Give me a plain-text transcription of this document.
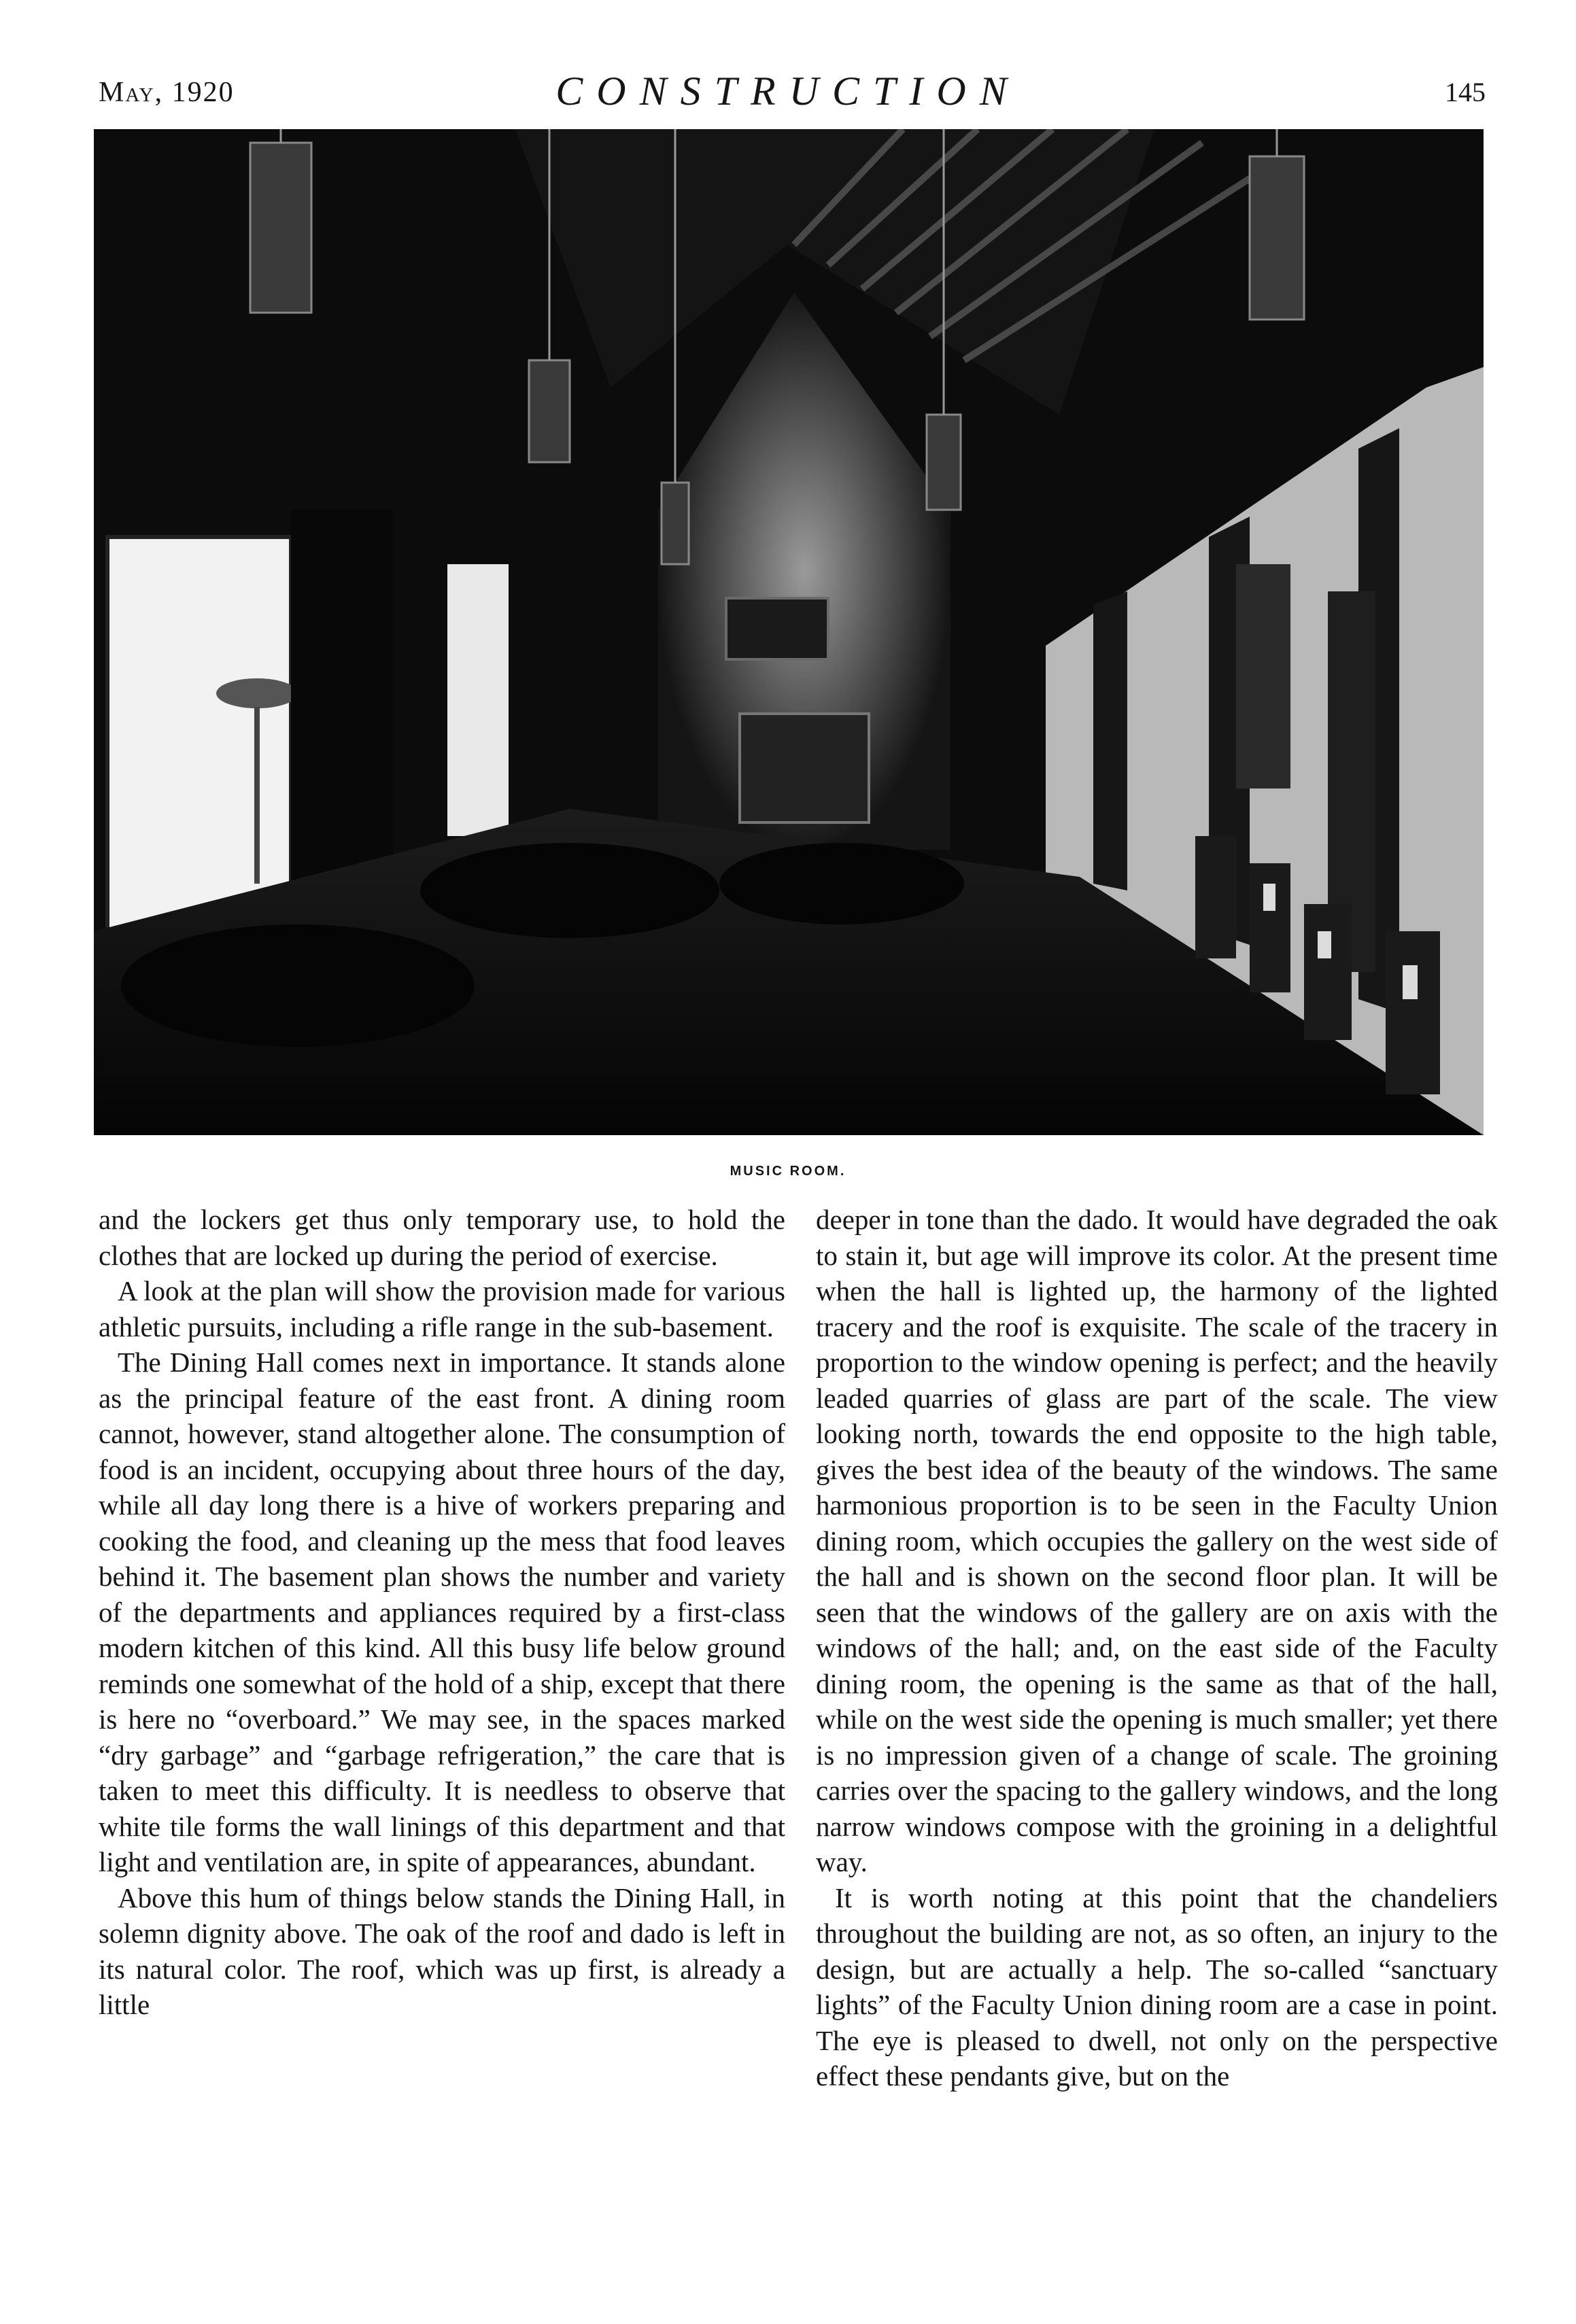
May, 1920	CONSTRUCTION	145
MUSIC ROOM.

and the lockers get thus only temporary use, to hold the clothes that are locked up during the period of exercise.

A look at the plan will show the provision made for various athletic pursuits, including a rifle range in the sub-basement.

The Dining Hall comes next in importance. It stands alone as the principal feature of the east front. A dining room cannot, however, stand altogether alone. The consumption of food is an incident, occupying about three hours of the day, while all day long there is a hive of workers preparing and cooking the food, and cleaning up the mess that food leaves behind it. The basement plan shows the number and variety of the departments and appliances required by a first-class modern kitchen of this kind. All this busy life below ground reminds one somewhat of the hold of a ship, except that there is here no “overboard.” We may see, in the spaces marked “dry garbage” and “garbage refrigeration,” the care that is taken to meet this difficulty. It is needless to observe that white tile forms the wall linings of this department and that light and ventilation are, in spite of appearances, abundant.

Above this hum of things below stands the Dining Hall, in solemn dignity above. The oak of the roof and dado is left in its natural color. The roof, which was up first, is already a little

deeper in tone than the dado. It would have degraded the oak to stain it, but age will improve its color. At the present time when the hall is lighted up, the harmony of the lighted tracery and the roof is exquisite. The scale of the tracery in proportion to the window opening is perfect; and the heavily leaded quarries of glass are part of the scale. The view looking north, towards the end opposite to the high table, gives the best idea of the beauty of the windows. The same harmonious proportion is to be seen in the Faculty Union dining room, which occupies the gallery on the west side of the hall and is shown on the second floor plan. It will be seen that the windows of the gallery are on axis with the windows of the hall; and, on the east side of the Faculty dining room, the opening is the same as that of the hall, while on the west side the opening is much smaller; yet there is no impression given of a change of scale. The groining carries over the spacing to the gallery windows, and the long narrow windows compose with the groining in a delightful way.

It is worth noting at this point that the chandeliers throughout the building are not, as so often, an injury to the design, but are actually a help. The so-called “sanctuary lights” of the Faculty Union dining room are a case in point. The eye is pleased to dwell, not only on the perspective effect these pendants give, but on the
